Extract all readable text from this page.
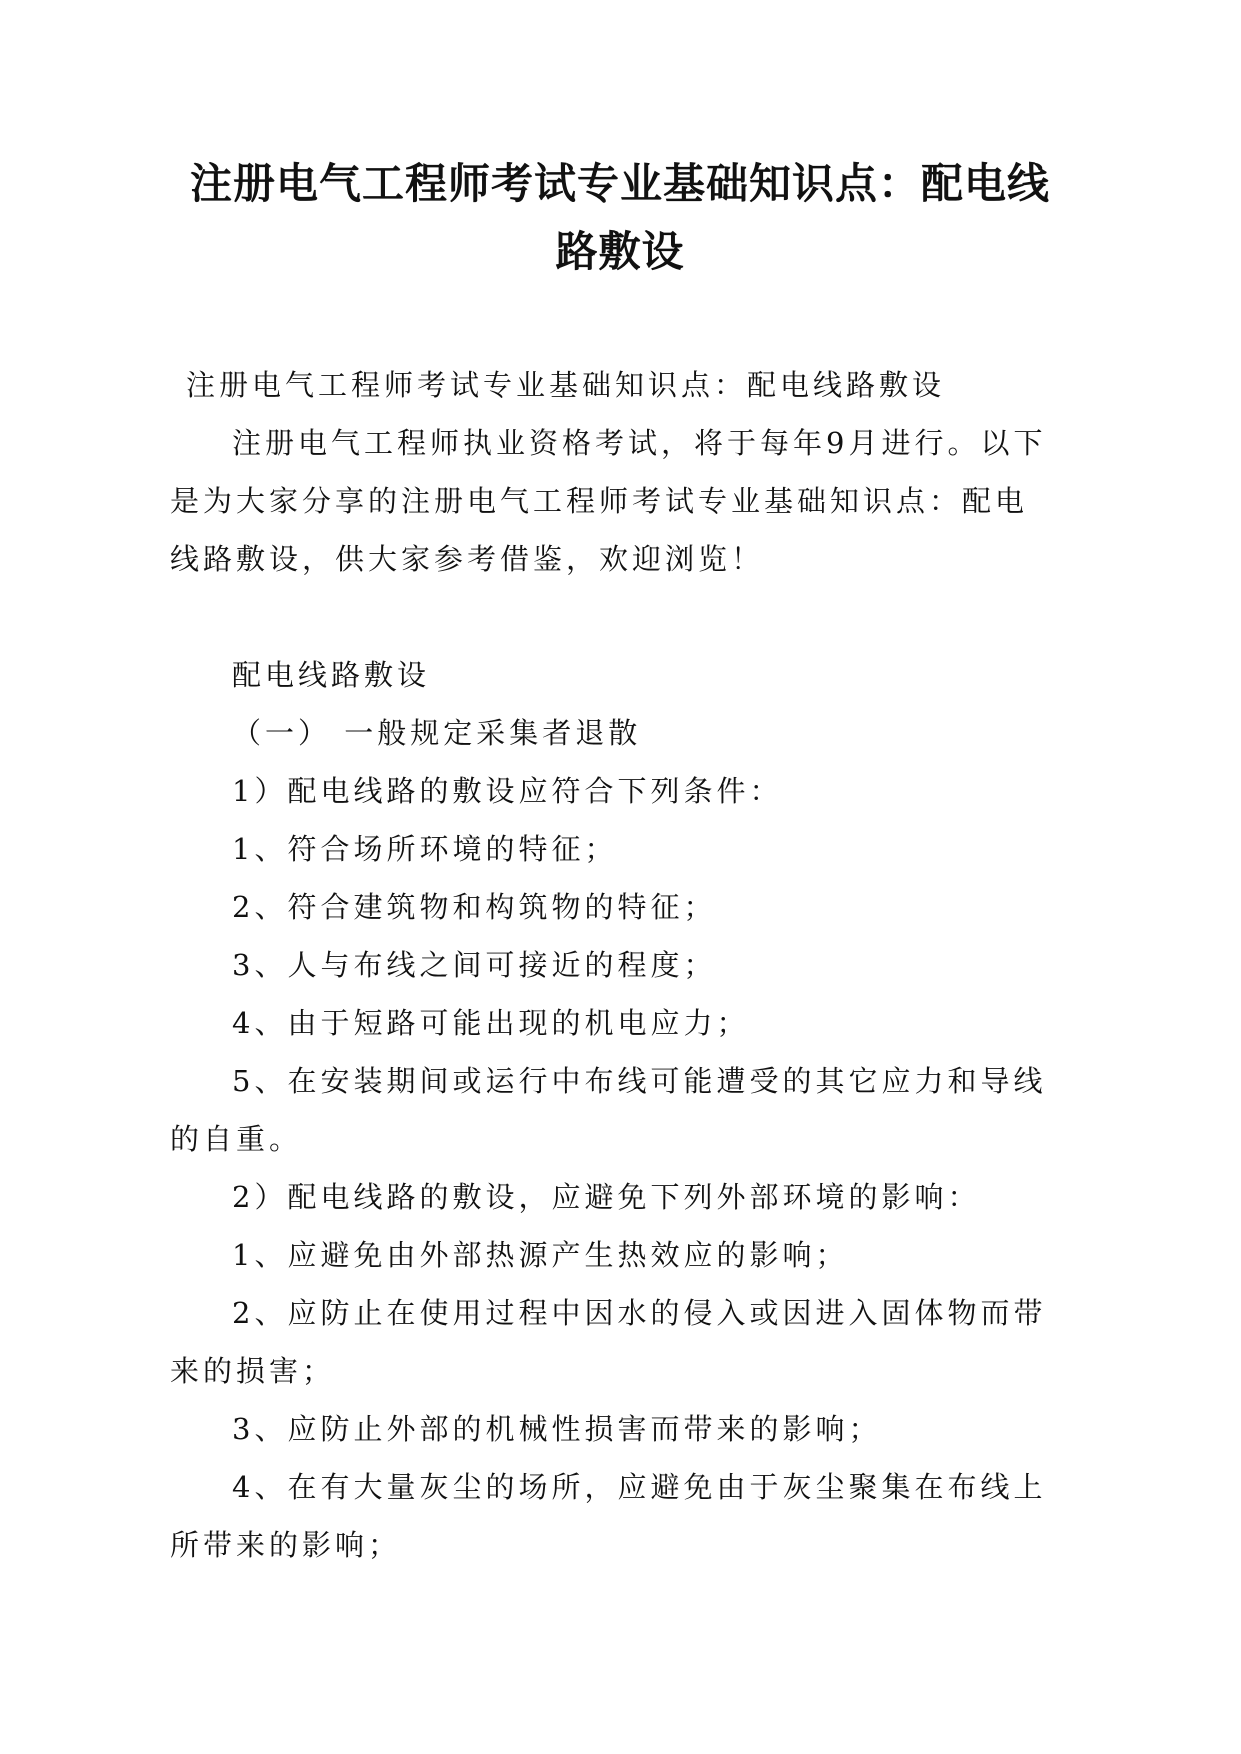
注册电气工程师考试专业基础知识点：配电线路敷设

注册电气工程师考试专业基础知识点：配电线路敷设

注册电气工程师执业资格考试，将于每年9月进行。以下是为大家分享的注册电气工程师考试专业基础知识点：配电线路敷设，供大家参考借鉴，欢迎浏览！

配电线路敷设

（一） 一般规定采集者退散

1）配电线路的敷设应符合下列条件：

1、符合场所环境的特征；

2、符合建筑物和构筑物的特征；

3、人与布线之间可接近的程度；

4、由于短路可能出现的机电应力；

5、在安装期间或运行中布线可能遭受的其它应力和导线的自重。

2）配电线路的敷设，应避免下列外部环境的影响：

1、应避免由外部热源产生热效应的影响；

2、应防止在使用过程中因水的侵入或因进入固体物而带来的损害；

3、应防止外部的机械性损害而带来的影响；

4、在有大量灰尘的场所，应避免由于灰尘聚集在布线上所带来的影响；
